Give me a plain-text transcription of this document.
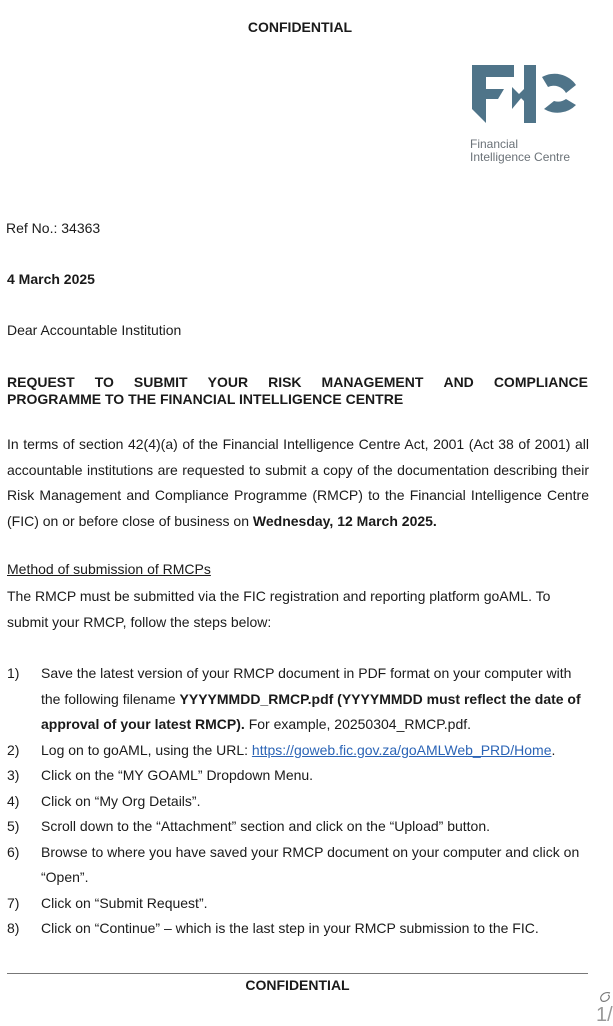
CONFIDENTIAL
Financial
Intelligence Centre
Ref No.: 34363
4 March 2025
Dear Accountable Institution
REQUEST TO SUBMIT YOUR RISK MANAGEMENT AND COMPLIANCE
PROGRAMME TO THE FINANCIAL INTELLIGENCE CENTRE
In terms of section 42(4)(a) of the Financial Intelligence Centre Act, 2001 (Act 38 of 2001) all accountable institutions are requested to submit a copy of the documentation describing their Risk Management and Compliance Programme (RMCP) to the Financial Intelligence Centre (FIC) on or before close of business on Wednesday, 12 March 2025.
Method of submission of RMCPs
The RMCP must be submitted via the FIC registration and reporting platform goAML. To submit your RMCP, follow the steps below:
1)	Save the latest version of your RMCP document in PDF format on your computer with the following filename YYYYMMDD_RMCP.pdf (YYYYMMDD must reflect the date of approval of your latest RMCP). For example, 20250304_RMCP.pdf.
2)	Log on to goAML, using the URL: https://goweb.fic.gov.za/goAMLWeb_PRD/Home.
3)	Click on the “MY GOAML” Dropdown Menu.
4)	Click on “My Org Details”.
5)	Scroll down to the “Attachment” section and click on the “Upload” button.
6)	Browse to where you have saved your RMCP document on your computer and click on “Open”.
7)	Click on “Submit Request”.
8)	Click on “Continue” – which is the last step in your RMCP submission to the FIC.
CONFIDENTIAL
1/
